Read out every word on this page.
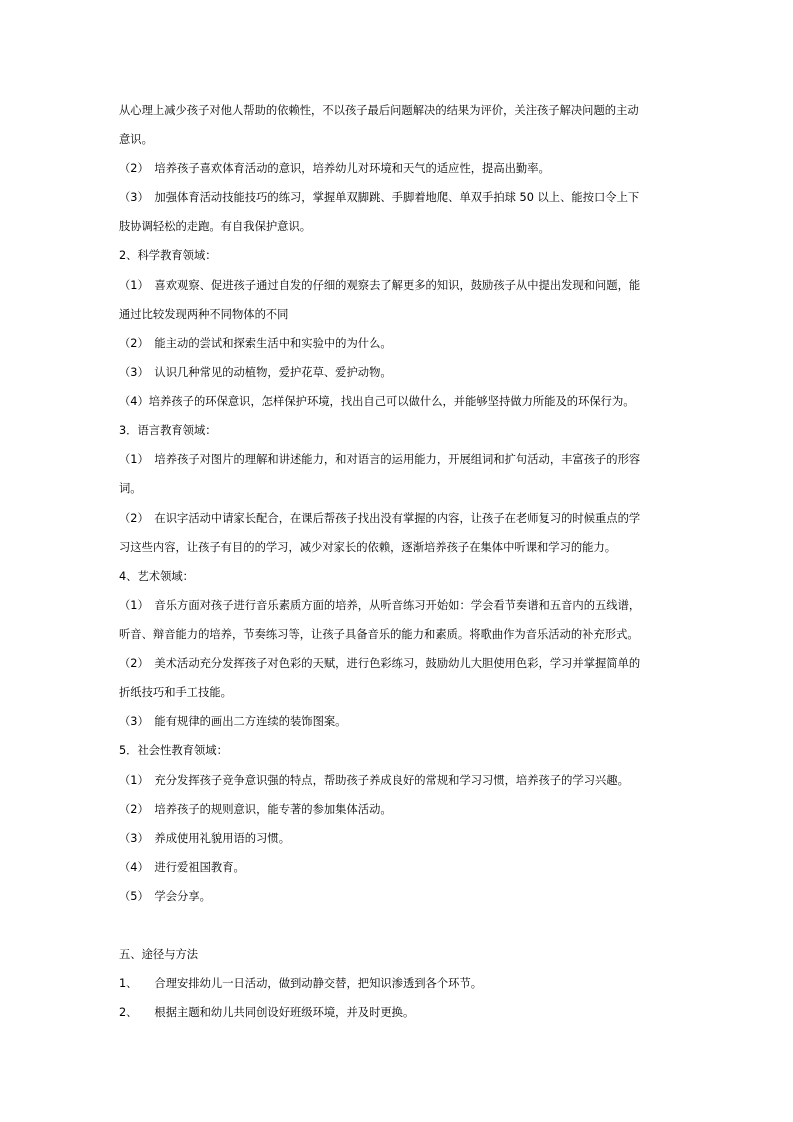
从心理上减少孩子对他人帮助的依赖性，不以孩子最后问题解决的结果为评价，关注孩子解决问题的主动
意识。
（2）　培养孩子喜欢体育活动的意识，培养幼儿对环境和天气的适应性，提高出勤率。
（3）　加强体育活动技能技巧的练习，掌握单双脚跳、手脚着地爬、单双手拍球 50 以上、能按口令上下
肢协调轻松的走跑。有自我保护意识。
2、科学教育领域：
（1）　喜欢观察、促进孩子通过自发的仔细的观察去了解更多的知识，鼓励孩子从中提出发现和问题，能
通过比较发现两种不同物体的不同
（2）　能主动的尝试和探索生活中和实验中的为什么。
（3）　认识几种常见的动植物，爱护花草、爱护动物。
（4）培养孩子的环保意识，怎样保护环境，找出自己可以做什么，并能够坚持做力所能及的环保行为。
3．语言教育领域：
（1）　培养孩子对图片的理解和讲述能力，和对语言的运用能力，开展组词和扩句活动，丰富孩子的形容
词。
（2）　在识字活动中请家长配合，在课后帮孩子找出没有掌握的内容，让孩子在老师复习的时候重点的学
习这些内容，让孩子有目的的学习，减少对家长的依赖，逐渐培养孩子在集体中听课和学习的能力。
4、艺术领域：
（1）　音乐方面对孩子进行音乐素质方面的培养，从听音练习开始如：学会看节奏谱和五音内的五线谱，
听音、辩音能力的培养，节奏练习等，让孩子具备音乐的能力和素质。将歌曲作为音乐活动的补充形式。
（2）　美术活动充分发挥孩子对色彩的天赋，进行色彩练习，鼓励幼儿大胆使用色彩，学习并掌握简单的
折纸技巧和手工技能。
（3）　能有规律的画出二方连续的装饰图案。
5．社会性教育领域：
（1）　充分发挥孩子竞争意识强的特点，帮助孩子养成良好的常规和学习习惯，培养孩子的学习兴趣。
（2）　培养孩子的规则意识，能专著的参加集体活动。
（3）　养成使用礼貌用语的习惯。
（4）　进行爱祖国教育。
（5）　学会分享。
五、途径与方法
1、　　合理安排幼儿一日活动，做到动静交替，把知识渗透到各个环节。
2、　　根据主题和幼儿共同创设好班级环境，并及时更换。
